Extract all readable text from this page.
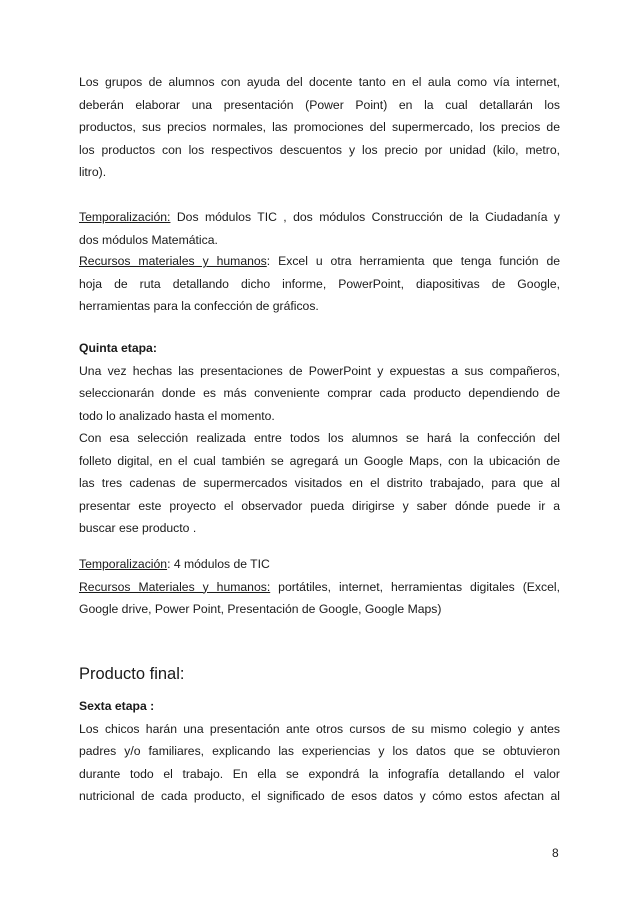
Los grupos de alumnos con ayuda del docente tanto en el aula como vía internet,
deberán elaborar una presentación (Power Point) en la cual detallarán los
productos, sus precios normales, las promociones del supermercado, los precios de
los productos con los respectivos descuentos y los precio por unidad (kilo, metro,
litro).
Temporalización: Dos módulos TIC , dos módulos Construcción de la Ciudadanía y
dos módulos Matemática.
Recursos materiales y humanos: Excel u otra herramienta que tenga función de
hoja de ruta detallando dicho informe, PowerPoint, diapositivas de Google,
herramientas para la confección de gráficos.
Quinta etapa:
Una vez hechas las presentaciones de PowerPoint y expuestas a sus compañeros,
seleccionarán donde es más conveniente comprar cada producto dependiendo de
todo lo analizado hasta el momento.
Con esa selección realizada entre todos los alumnos se hará la confección del
folleto digital, en el cual también se agregará un Google Maps, con la ubicación de
las tres cadenas de supermercados visitados en el distrito trabajado, para que al
presentar este proyecto el observador pueda dirigirse y saber dónde puede ir a
buscar ese producto .
Temporalización: 4 módulos de TIC
Recursos Materiales y humanos: portátiles, internet, herramientas digitales (Excel,
Google drive, Power Point, Presentación de Google, Google Maps)
Producto final:
Sexta etapa :
Los chicos harán una presentación ante otros cursos de su mismo colegio y antes
padres y/o familiares, explicando las experiencias y los datos que se obtuvieron
durante todo el trabajo. En ella se expondrá la infografía detallando el valor
nutricional de cada producto, el significado de esos datos y cómo estos afectan al
8
